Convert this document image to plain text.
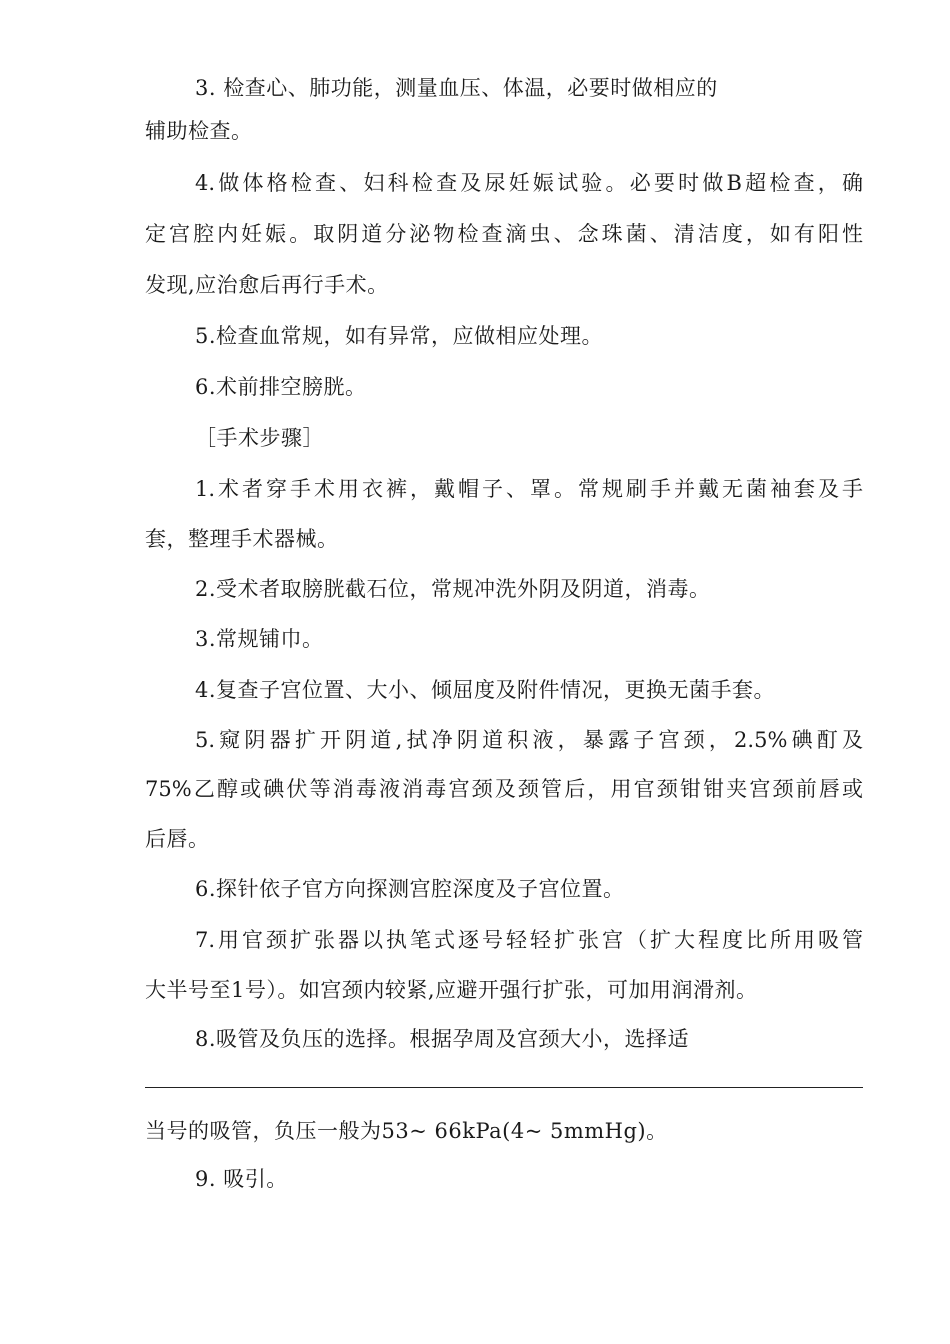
3. 检查心、肺功能，测量血压、体温，必要时做相应的
辅助检查。
4.做体格检查、妇科检查及尿妊娠试验。必要时做B超检查，确
定宫腔内妊娠。取阴道分泌物检查滴虫、念珠菌、清洁度，如有阳性
发现,应治愈后再行手术。
5.检查血常规，如有异常，应做相应处理。
6.术前排空膀胱。
［手术步骤］
1.术者穿手术用衣裤，戴帽子、罩。常规刷手并戴无菌袖套及手
套，整理手术器械。
2.受术者取膀胱截石位，常规冲洗外阴及阴道，消毒。
3.常规铺巾。
4.复查子宫位置、大小、倾屈度及附件情况，更换无菌手套。
5.窥阴器扩开阴道,拭净阴道积液，暴露子宫颈，2.5%碘酊及
75%乙醇或碘伏等消毒液消毒宫颈及颈管后，用官颈钳钳夹宫颈前唇或
后唇。
6.探针依子官方向探测宫腔深度及子宫位置。
7.用官颈扩张器以执笔式逐号轻轻扩张宫（扩大程度比所用吸管
大半号至1号）。如宫颈内较紧,应避开强行扩张，可加用润滑剂。
8.吸管及负压的选择。根据孕周及宫颈大小，选择适
当号的吸管，负压一般为53~ 66kPa(4~ 5mmHg)。
9. 吸引。
